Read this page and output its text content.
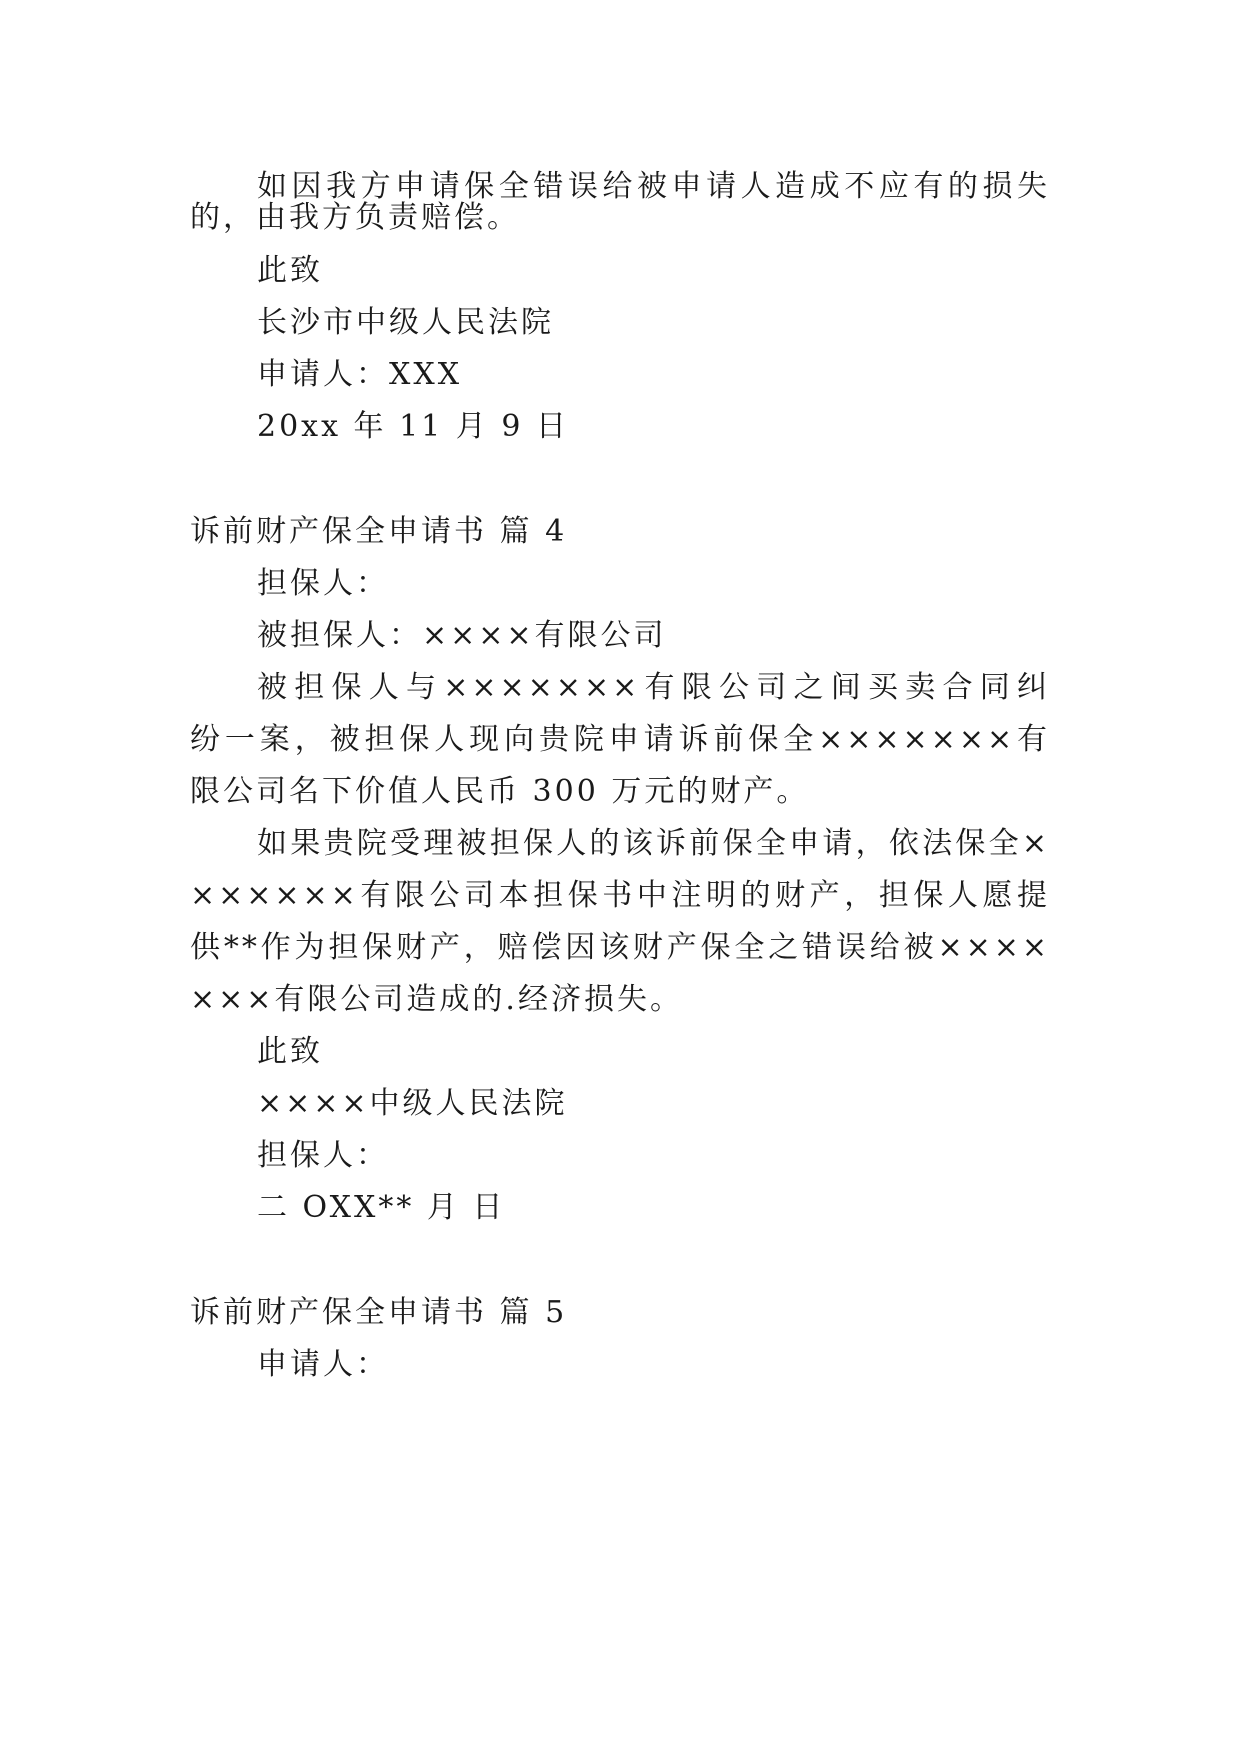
如因我方申请保全错误给被申请人造成不应有的损失
的，由我方负责赔偿。
此致
长沙市中级人民法院
申请人：XXX
20xx 年 11 月 9 日
诉前财产保全申请书 篇 4
担保人：
被担保人：××××有限公司
被担保人与×××××××有限公司之间买卖合同纠
纷一案，被担保人现向贵院申请诉前保全×××××××有
限公司名下价值人民币 300 万元的财产。
如果贵院受理被担保人的该诉前保全申请，依法保全×
××××××有限公司本担保书中注明的财产，担保人愿提
供**作为担保财产，赔偿因该财产保全之错误给被××××
×××有限公司造成的.经济损失。
此致
××××中级人民法院
担保人：
二 OXX** 月 日
诉前财产保全申请书 篇 5
申请人：
